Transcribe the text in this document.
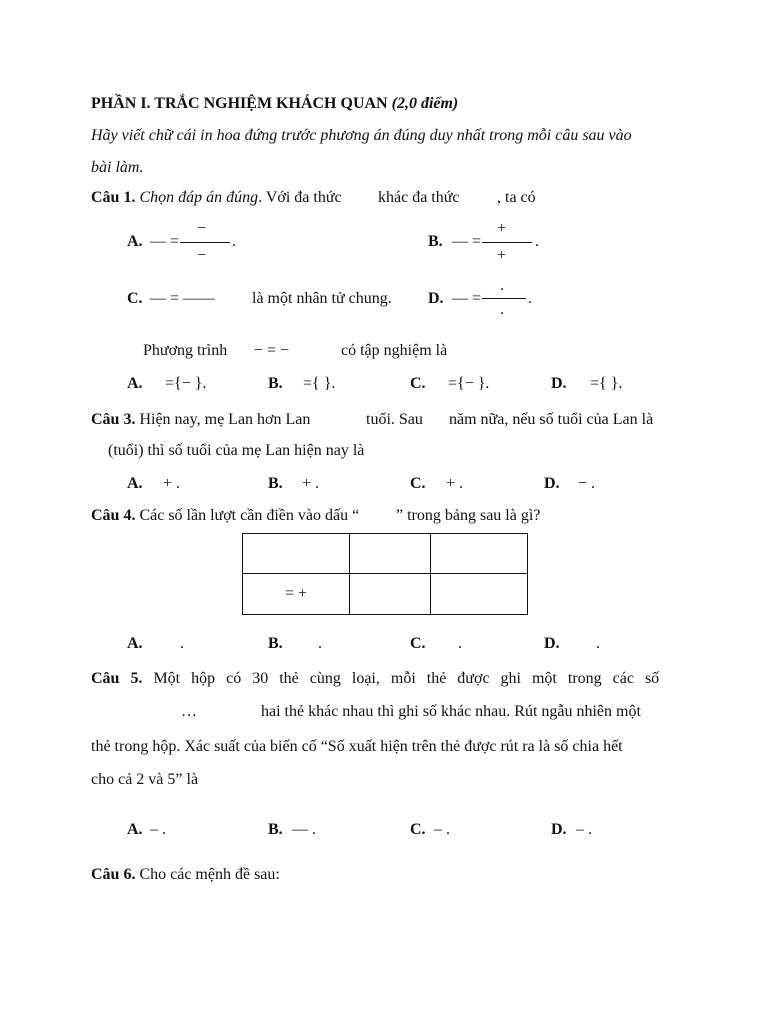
PHẦN I. TRẮC NGHIỆM KHÁCH QUAN (2,0 điểm)
Hãy viết chữ cái in hoa đứng trước phương án đúng duy nhất trong mỗi câu sau vào
bài làm.
Câu 1. Chọn đáp án đúng. Với đa thức khác đa thức , ta có
A. — =
−
−
.	B. — =
+
+
.
C. — = —— là một nhân tử chung. D. — =
.
.
.
Phương trình − = −	có tập nghiệm là
A. ={− }.	B. ={ }.	C. ={− }.	D. ={ }.
Câu 3. Hiện nay, mẹ Lan hơn Lan	tuổi. Sau năm nữa, nếu số tuổi của Lan là
(tuổi) thì số tuổi của mẹ Lan hiện nay là
A. + .	B. + .	C. + .	D. − .
Câu 4. Các số lần lượt cần điền vào dấu “ ” trong bảng sau là gì?

= +		
A. .	B. .	C. .	D. .
Câu 5. Một hộp có 30 thẻ cùng loại, mỗi thẻ được ghi một trong các số
…	hai thẻ khác nhau thì ghi số khác nhau. Rút ngẫu nhiên một
thẻ trong hộp. Xác suất của biến cố “Số xuất hiện trên thẻ được rút ra là số chia hết
cho cả 2 và 5” là
A. – .	B. — .	C. – .	D. – .
Câu 6. Cho các mệnh đề sau:
